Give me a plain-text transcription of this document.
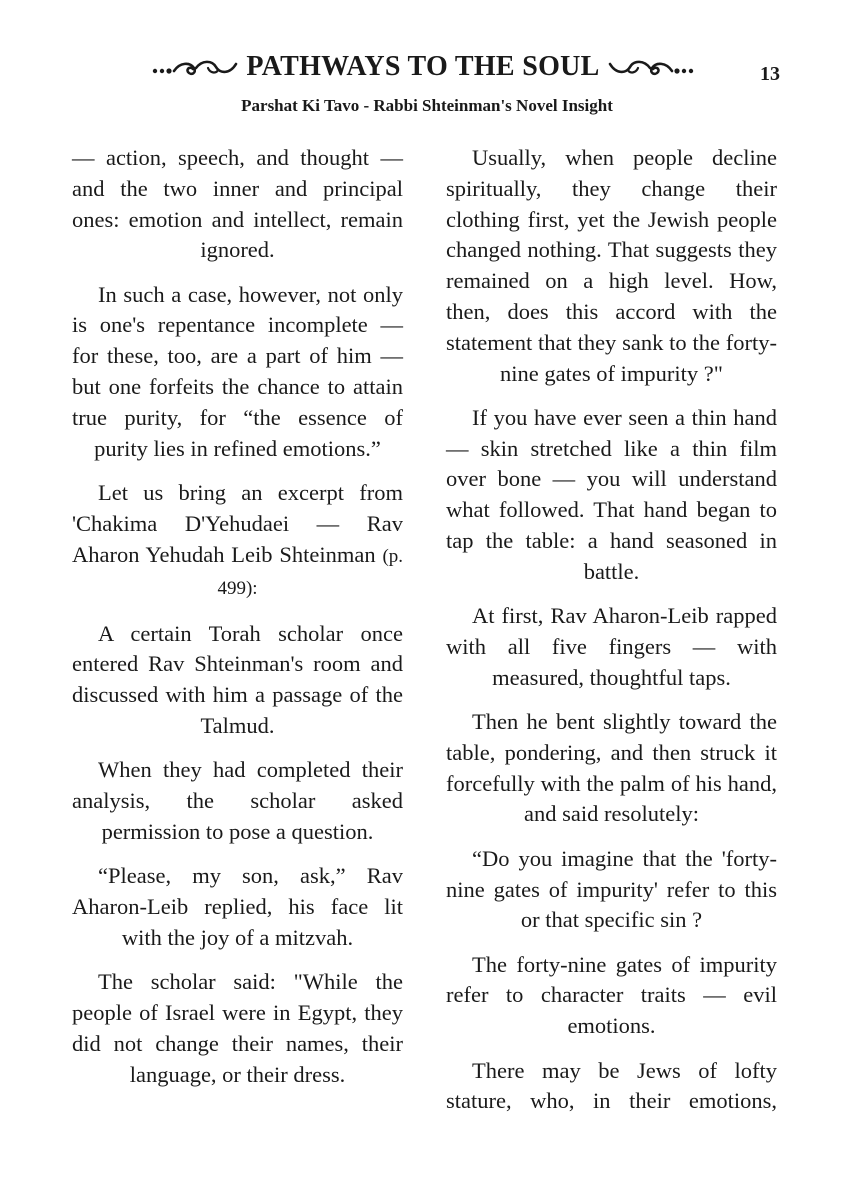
PATHWAYS TO THE SOUL	13
Parshat Ki Tavo - Rabbi Shteinman's Novel Insight

— action, speech, and thought — and the two inner and principal ones: emotion and intellect, remain ignored.

In such a case, however, not only is one's repentance incomplete — for these, too, are a part of him — but one forfeits the chance to attain true purity, for “the essence of purity lies in refined emotions.”

Let us bring an excerpt from 'Chakima D'Yehudaei — Rav Aharon Yehudah Leib Shteinman (p. 499):

A certain Torah scholar once entered Rav Shteinman's room and discussed with him a passage of the Talmud.

When they had completed their analysis, the scholar asked permission to pose a question.

“Please, my son, ask,” Rav Aharon-Leib replied, his face lit with the joy of a mitzvah.

The scholar said: "While the people of Israel were in Egypt, they did not change their names, their language, or their dress.

Usually, when people decline spiritually, they change their clothing first, yet the Jewish people changed nothing. That suggests they remained on a high level. How, then, does this accord with the statement that they sank to the forty-nine gates of impurity ?"

If you have ever seen a thin hand — skin stretched like a thin film over bone — you will understand what followed. That hand began to tap the table: a hand seasoned in battle.

At first, Rav Aharon-Leib rapped with all five fingers — with measured, thoughtful taps.

Then he bent slightly toward the table, pondering, and then struck it forcefully with the palm of his hand, and said resolutely:

“Do you imagine that the 'forty-nine gates of impurity' refer to this or that specific sin ?

The forty-nine gates of impurity refer to character traits — evil emotions.

There may be Jews of lofty stature, who, in their emotions,
